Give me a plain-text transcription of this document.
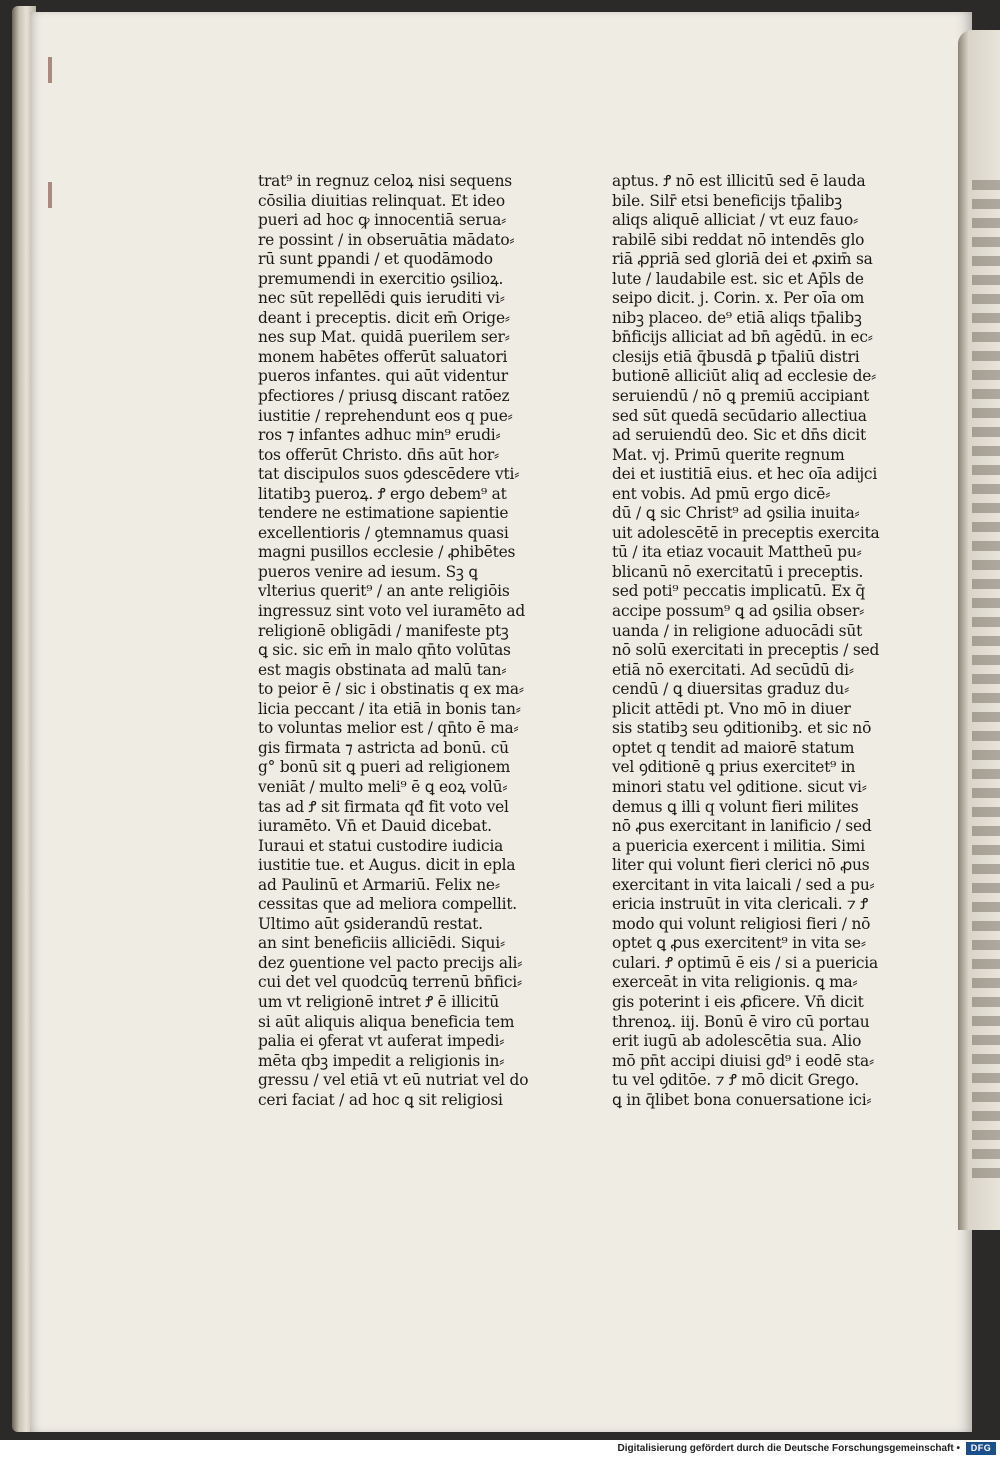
trat⁹ in regnuz celoꝝ nisi sequens
cōsilia diuitias relinquat. Et ideo
pueri ad hoc ꝙ innocentiā serua⸗
re possint / in obseruātia mādato⸗
rū sunt ꝑpandi / et quodāmodo
premumendi in exercitio ꝯsilioꝝ.
nec sūt repellēdi ꝗuis ieruditi vi⸗
deant̄ i preceptis. dicit em̄ Orige⸗
nes sup Mat. quidā puerilem ser⸗
monem habētes offerūt saluatori
pueros infantes. qui aūt videntur
pfectiores / priusꝗ discant ratōez
iustitie / reprehendunt eos q pue⸗
ros ⁊ infantes adhuc min⁹ erudi⸗
tos offerūt Christo. dn̄s aūt hor⸗
tat̄ discipulos suos ꝯdescēdere vti⸗
litatibꝫ pueroꝝ. Ꝭ ergo debem⁹ at
tendere ne estimatione sapientie
excellentioris / ꝯtemnamus quasi
magni pusillos ecclesie / ꝓhibētes
pueros venire ad iesum. Sꝫ ꝗ
vlterius querit⁹ / an ante religiōis
ingressuz sint voto vel iuramēto ad
religionē obligādi / manifeste ptꝫ
ꝗ sic. sic em̄ in malo qn̄to volūtas
est magis obstinata ad malū tan⸗
to peior ē / sic i obstinatis q ex ma⸗
licia peccant / ita etiā in bonis tan⸗
to voluntas melior est / qn̄to ē ma⸗
gis firmata ⁊ astricta ad bonū. cū
g° bonū sit ꝗ pueri ad religionem
veniāt / multo meli⁹ ē ꝗ eoꝝ volū⸗
tas ad Ꝭ sit firmata qđ fit voto vel
iuramēto. Vn̄ et Dauid dicebat.
Iuraui et statui custodire iudicia
iustitie tue. et Augus. dicit in epl̄a
ad Paulinū et Armariū. Felix ne⸗
cessitas que ad meliora compellit.
Ultimo aūt ꝯsiderandū restat.
an sint beneficiis alliciēdi. Siqui⸗
dez ꝯuentione vel pacto precijs ali⸗
cui det̄ vel quodcūꝗ terrenū bn̄fici⸗
um vt religionē intret Ꝭ ē illicitū
si aūt aliquis aliqua beneficia tem
palia ei ꝯferat vt auferat impedi⸗
mēta qbꝫ impedit̄ a religionis in⸗
gressu / vel etiā vt eū nutriat vel do
ceri faciat / ad hoc ꝗ sit religiosi
aptus. Ꝭ nō est illicitū sed ē lauda
bile. Silr̄ etsi beneficijs tp̄alibꝫ
aliqs aliquē alliciat / vt euz fauo⸗
rabilē sibi reddat nō intendēs glo
riā ꝓpriā sed gloriā dei et ꝓxim̄ sa
lute / laudabile est. sic et Ap̄l̄s de
seipo dicit. j. Corin. x. Per oīa om
nibꝫ placeo. de⁹ etiā aliqs tp̄alibꝫ
bn̄ficijs alliciat ad bn̄ agēdū. in ec⸗
clesijs etiā q̄busdā ꝑ tp̄aliū distri
butionē alliciūt̄ aliq ad ecclesie de⸗
seruiendū / nō ꝗ premiū accipiant
sed sūt quedā secūdario allectiua
ad seruiendū deo. Sic et dn̄s dicit
Mat. vj. Primū querite regnum
dei et iustitiā eius. et hec oīa adijci
ent̄ vobis. Ad pmū ergo dicē⸗
dū / ꝗ sic Christ⁹ ad ꝯsilia inuita⸗
uit adolescētē in preceptis exercita
tū / ita etiaz vocauit Mattheū pu⸗
blicanū nō exercitatū i preceptis.
sed poti⁹ peccatis implicatū. Ex q̄
accipe possum⁹ ꝗ ad ꝯsilia obser⸗
uanda / in religione aduocādi sūt
nō solū exercitati in preceptis / sed
etiā nō exercitati. Ad secūdū di⸗
cendū / ꝗ diuersitas graduz du⸗
plicit̄ attēdi pt̄. Vno mō in diuer
sis statibꝫ seu ꝯditionibꝫ. et sic nō
optet q tendit ad maiorē statum
vel ꝯditionē ꝗ prius exercitet⁹ in
minori statu vel ꝯditione. sicut vi⸗
demus ꝗ illi q volunt fieri milites
nō ꝓus exercitant̄ in lanificio / sed
a puericia exercent̄ i militia. Simi
liter qui volunt fieri clerici nō ꝓus
exercitant̄ in vita laicali / sed a pu⸗
ericia instruūt̄ in vita clericali. ⁊ Ꝭ
modo qui volunt religiosi fieri / nō
optet ꝗ ꝓus exercitent⁹ in vita se⸗
culari. Ꝭ optimū ē eis / si a puericia
exerceāt̄ in vita religionis. ꝗ ma⸗
gis poterint i eis ꝓficere. Vn̄ dicit̄
threnoꝝ. iij. Bonū ē viro cū portau
erit iugū ab adolescētia sua. Alio
mō pn̄t accipi diuisi gd⁹ i eodē sta⸗
tu vel ꝯditōe. ⁊ Ꝭ mō dicit Grego.
ꝗ in q̄libet bona conuersatione ici⸗
Digitalisierung gefördert durch die Deutsche Forschungsgemeinschaft •	DFG
